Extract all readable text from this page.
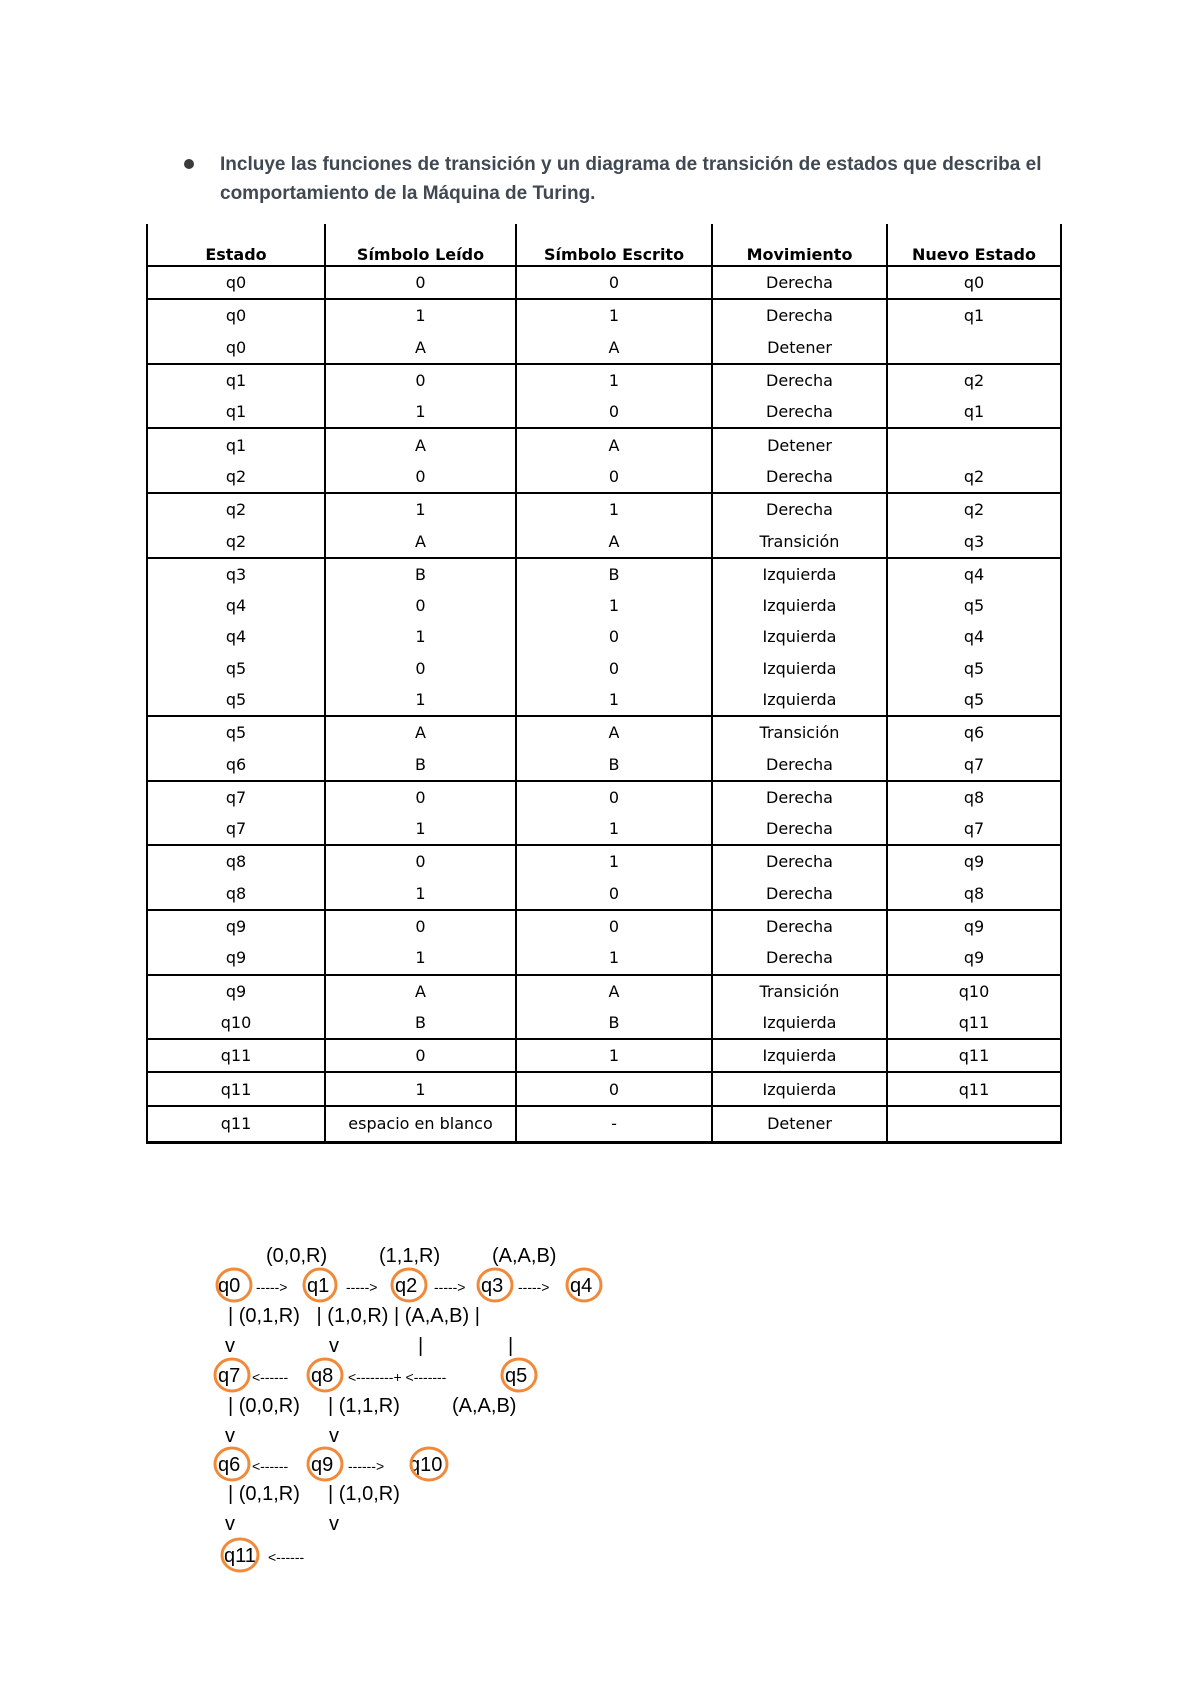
Incluye las funciones de transición y un diagrama de transición de estados que describa el comportamiento de la Máquina de Turing.
Estado	Símbolo Leído	Símbolo Escrito	Movimiento	Nuevo Estado
q0	0	0	Derecha	q0
q0	1	1	Derecha	q1
q0	A	A	Detener	
q1	0	1	Derecha	q2
q1	1	0	Derecha	q1
q1	A	A	Detener	
q2	0	0	Derecha	q2
q2	1	1	Derecha	q2
q2	A	A	Transición	q3
q3	B	B	Izquierda	q4
q4	0	1	Izquierda	q5
q4	1	0	Izquierda	q4
q5	0	0	Izquierda	q5
q5	1	1	Izquierda	q5
q5	A	A	Transición	q6
q6	B	B	Derecha	q7
q7	0	0	Derecha	q8
q7	1	1	Derecha	q7
q8	0	1	Derecha	q9
q8	1	0	Derecha	q8
q9	0	0	Derecha	q9
q9	1	1	Derecha	q9
q9	A	A	Transición	q10
q10	B	B	Izquierda	q11
q11	0	1	Izquierda	q11
q11	1	0	Izquierda	q11
q11	espacio en blanco	-	Detener	
(0,0,R)	(1,1,R)	(A,A,B)
q0 -----> q1 -----> q2 -----> q3 -----> q4
| (0,1,R)   | (1,0,R) | (A,A,B) |
v	v	|	|
q7 <------ q8 <--------+ <-------	q5
| (0,0,R) | (1,1,R)	(A,A,B)
v	v
q6 <------ q9 ------> q10
| (0,1,R) | (1,0,R)
v	v
q11 <------
